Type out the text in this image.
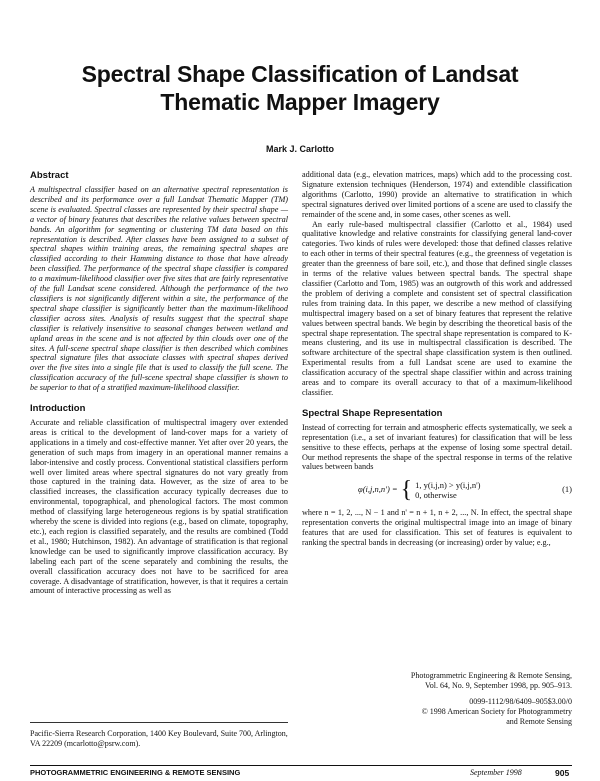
Spectral Shape Classification of Landsat
Thematic Mapper Imagery
Mark J. Carlotto
Abstract

A multispectral classifier based on an alternative spectral representation is described and its performance over a full Landsat Thematic Mapper (TM) scene is evaluated. Spectral classes are represented by their spectral shape — a vector of binary features that describes the relative values between spectral bands. An algorithm for segmenting or clustering TM data based on this representation is described. After classes have been assigned to a subset of spectral shapes within training areas, the remaining spectral shapes are classified according to their Hamming distance to those that have already been classified. The performance of the spectral shape classifier is compared to a maximum-likelihood classifier over five sites that are fairly representative of the full Landsat scene considered. Although the performance of the two classifiers is not significantly different within a site, the performance of the spectral shape classifier is significantly better than the maximum-likelihood classifier across sites. Analysis of results suggest that the spectral shape classifier is relatively insensitive to seasonal changes between wetland and upland areas in the scene and is not affected by thin clouds over one of the sites. A full-scene spectral shape classifier is then described which combines spectral signature files that associate classes with spectral shapes derived over the five sites into a single file that is used to classify the full scene. The classification accuracy of the full-scene spectral shape classifier is shown to be superior to that of a stratified maximum-likelihood classifier.

Introduction

Accurate and reliable classification of multispectral imagery over extended areas is critical to the development of land-cover maps for a variety of applications in a timely and cost-effective manner. Yet after over 20 years, the generation of such maps from imagery in an operational manner remains a labor-intensive and costly process. Conventional statistical classifiers perform well over limited areas where spectral signatures do not vary greatly from those captured in the training data. However, as the size of area to be classified increases, the classification accuracy typically decreases due to environmental, topographical, and phenological factors. The most common method of classifying large heterogeneous regions is by spatial stratification whereby the scene is divided into regions (e.g., based on climate, topography, etc.), each region is classified separately, and the results are combined (Todd et al., 1980; Hutchinson, 1982). An advantage of stratification is that regional knowledge can be used to significantly improve classification accuracy. By labeling each part of the scene separately and combining the results, the overall classification accuracy does not have to be sacrificed for area coverage. A disadvantage of stratification, however, is that it requires a certain amount of interactive processing as well as

Pacific-Sierra Research Corporation, 1400 Key Boulevard, Suite 700, Arlington, VA 22209 (mcarlotto@psrw.com).

additional data (e.g., elevation matrices, maps) which add to the processing cost. Signature extension techniques (Henderson, 1974) and extendible classification algorithms (Carlotto, 1990) provide an alternative to stratification in which spectral signatures derived over limited portions of a scene are used to classify the remainder of the scene and, in some cases, other scenes as well.

An early rule-based multispectral classifier (Carlotto et al., 1984) used qualitative knowledge and relative constraints for classifying general land-cover categories. Two kinds of rules were developed: those that defined classes relative to each other in terms of their spectral features (e.g., the greenness of vegetation is greater than the greenness of bare soil, etc.), and those that defined single classes in terms of the relative values between spectral bands. The spectral shape classifier (Carlotto and Tom, 1985) was an outgrowth of this work and addressed the problem of deriving a complete and consistent set of spectral classification rules from training data. In this paper, we describe a new method of classifying multispectral imagery based on a set of binary features that represent the relative values between spectral bands. We begin by describing the theoretical basis of the spectral shape representation. The spectral shape representation is compared to K-means clustering, and its use in multispectral classification is described. The software architecture of the spectral shape classification system is then outlined. Experimental results from a full Landsat scene are used to examine the classification accuracy of the spectral shape classifier within and across training areas and to compare its overall accuracy to that of a maximum-likelihood classifier.

Spectral Shape Representation

Instead of correcting for terrain and atmospheric effects systematically, we seek a representation (i.e., a set of invariant features) for classification that will be less sensitive to these effects, perhaps at the expense of losing some spectral detail. Our method represents the shape of the spectral response in terms of the relative values between bands

φ(i,j,n,n') = { 1, y(i,j,n) > y(i,j,n')
0, otherwise
(1)

where n = 1, 2, ..., N − 1 and n' = n + 1, n + 2, ..., N. In effect, the spectral shape representation converts the original multispectral image into an image of binary features that are used for classification. This set of features is equivalent to ranking the spectral bands in decreasing (or increasing) order by value; e.g.,

Photogrammetric Engineering & Remote Sensing,
Vol. 64, No. 9, September 1998, pp. 905–913.
0099-1112/98/6409–905$3.00/0
© 1998 American Society for Photogrammetry
and Remote Sensing
PHOTOGRAMMETRIC ENGINEERING & REMOTE SENSING	September 1998	905
